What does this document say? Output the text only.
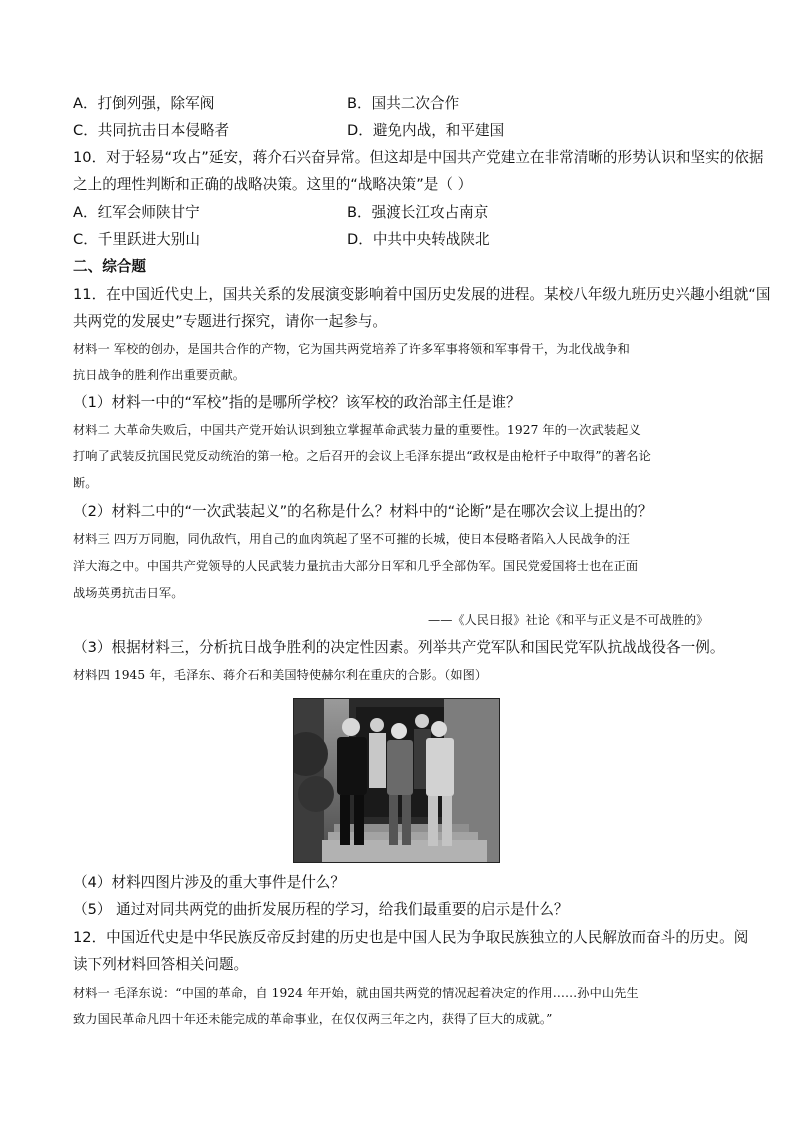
A．打倒列强，除军阀	B．国共二次合作
C．共同抗击日本侵略者	D．避免内战，和平建国
10．对于轻易“攻占”延安，蒋介石兴奋异常。但这却是中国共产党建立在非常清晰的形势认识和坚实的依据
之上的理性判断和正确的战略决策。这里的“战略决策”是（ ）
A．红军会师陕甘宁	B．强渡长江攻占南京
C．千里跃进大别山	D．中共中央转战陕北
二、综合题
11．在中国近代史上，国共关系的发展演变影响着中国历史发展的进程。某校八年级九班历史兴趣小组就“国
共两党的发展史”专题进行探究，请你一起参与。
材料一 军校的创办，是国共合作的产物，它为国共两党培养了许多军事将领和军事骨干，为北伐战争和
抗日战争的胜利作出重要贡献。
（1）材料一中的“军校”指的是哪所学校？该军校的政治部主任是谁？
材料二 大革命失败后，中国共产党开始认识到独立掌握革命武装力量的重要性。1927 年的一次武装起义
打响了武装反抗国民党反动统治的第一枪。之后召开的会议上毛泽东提出“政权是由枪杆子中取得”的著名论
断。
（2）材料二中的“一次武装起义”的名称是什么？材料中的“论断”是在哪次会议上提出的？
材料三 四万万同胞，同仇敌忾，用自己的血肉筑起了坚不可摧的长城，使日本侵略者陷入人民战争的汪
洋大海之中。中国共产党领导的人民武装力量抗击大部分日军和几乎全部伪军。国民党爱国将士也在正面
战场英勇抗击日军。
——《人民日报》社论《和平与正义是不可战胜的》
（3）根据材料三，分析抗日战争胜利的决定性因素。列举共产党军队和国民党军队抗战战役各一例。
材料四 1945 年，毛泽东、蒋介石和美国特使赫尔利在重庆的合影。（如图）
（4）材料四图片涉及的重大事件是什么？
（5） 通过对同共两党的曲折发展历程的学习，给我们最重要的启示是什么？
12．中国近代史是中华民族反帝反封建的历史也是中国人民为争取民族独立的人民解放而奋斗的历史。阅
读下列材料回答相关问题。
材料一 毛泽东说：“中国的革命，自 1924 年开始，就由国共两党的情况起着决定的作用……孙中山先生
致力国民革命凡四十年还未能完成的革命事业，在仅仅两三年之内，获得了巨大的成就。”
